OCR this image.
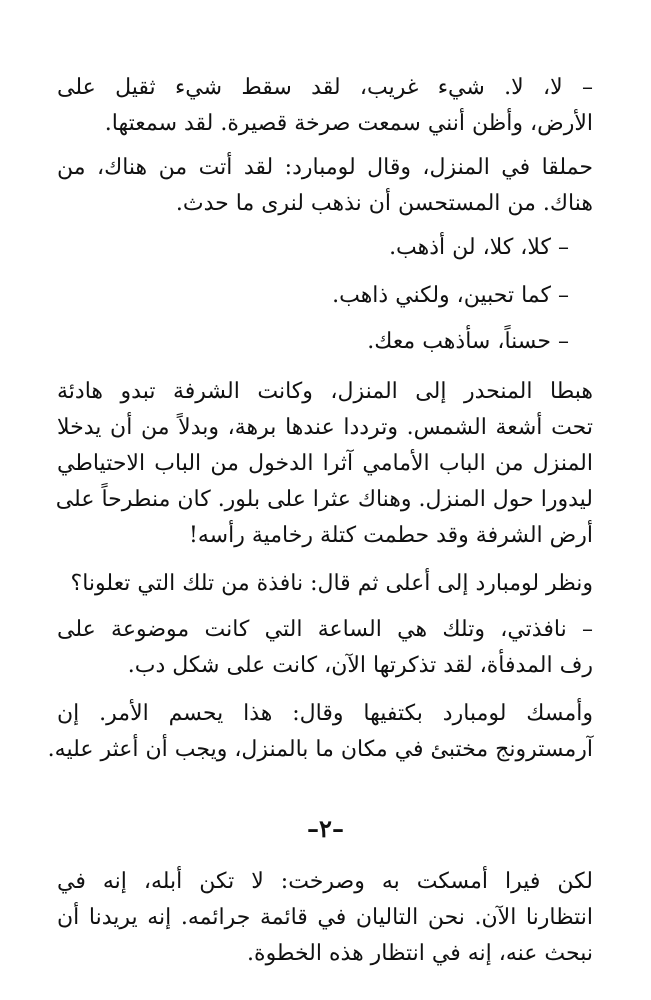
– لا، لا. شيء غريب، لقد سقط شيء ثقيل على
الأرض، وأظن أنني سمعت صرخة قصيرة. لقد سمعتها.
حملقا في المنزل، وقال لومبارد: لقد أتت من هناك، من
هناك. من المستحسن أن نذهب لنرى ما حدث.
– كلا، كلا، لن أذهب.
– كما تحبين، ولكني ذاهب.
– حسناً، سأذهب معك.
هبطا المنحدر إلى المنزل، وكانت الشرفة تبدو هادئة
تحت أشعة الشمس. وترددا عندها برهة، وبدلاً من أن يدخلا
المنزل من الباب الأمامي آثرا الدخول من الباب الاحتياطي
ليدورا حول المنزل. وهناك عثرا على بلور. كان منطرحاً على
أرض الشرفة وقد حطمت كتلة رخامية رأسه!
ونظر لومبارد إلى أعلى ثم قال: نافذة من تلك التي تعلونا؟
– نافذتي، وتلك هي الساعة التي كانت موضوعة على
رف المدفأة، لقد تذكرتها الآن، كانت على شكل دب.
وأمسك لومبارد بكتفيها وقال: هذا يحسم الأمر. إن
آرمسترونج مختبئ في مكان ما بالمنزل، ويجب أن أعثر عليه.
–٢–
لكن فيرا أمسكت به وصرخت: لا تكن أبله، إنه في
انتظارنا الآن. نحن التاليان في قائمة جرائمه. إنه يريدنا أن
نبحث عنه، إنه في انتظار هذه الخطوة.
